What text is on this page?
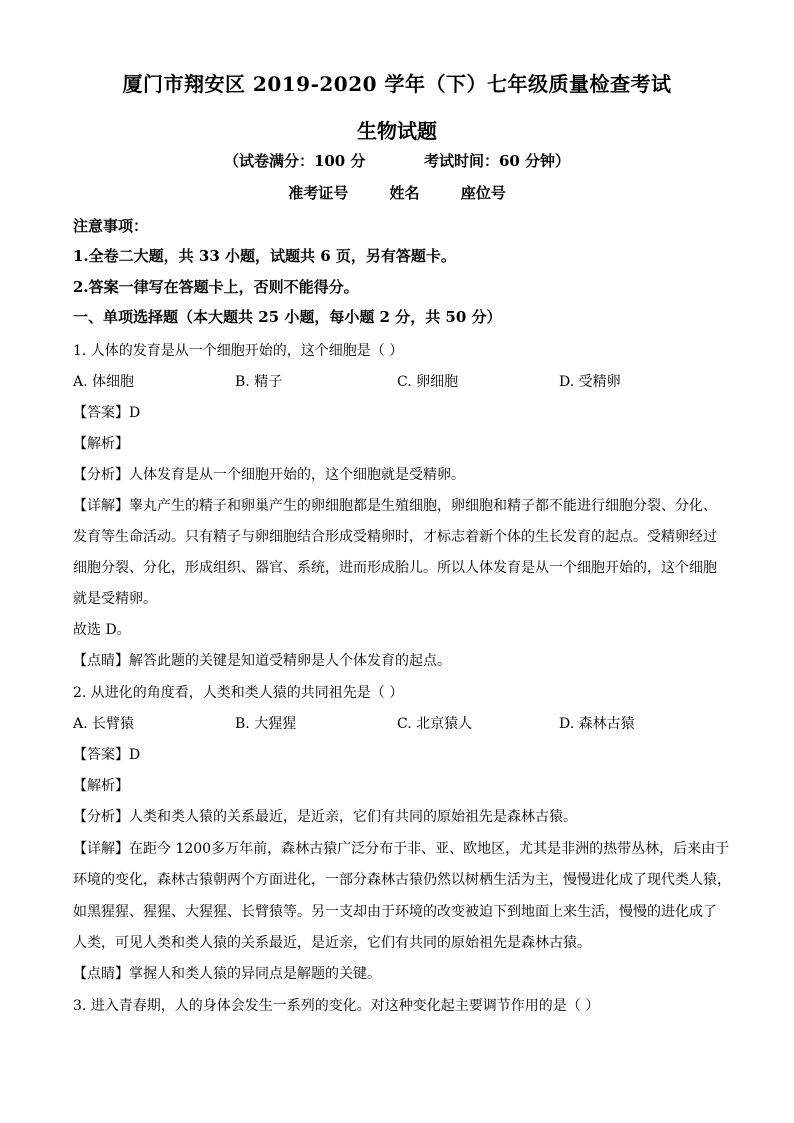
厦门市翔安区 2019-2020 学年（下）七年级质量检查考试
生物试题
（试卷满分：100 分	考试时间：60 分钟）
准考证号	姓名	座位号
注意事项：
1.全卷二大题，共 33 小题，试题共 6 页，另有答题卡。
2.答案一律写在答题卡上，否则不能得分。
一、单项选择题（本大题共 25 小题，每小题 2 分，共 50 分）
1. 人体的发育是从一个细胞开始的，这个细胞是（ ）
A. 体细胞	B. 精子	C. 卵细胞	D. 受精卵
【答案】D
【解析】
【分析】人体发育是从一个细胞开始的，这个细胞就是受精卵。
【详解】睾丸产生的精子和卵巢产生的卵细胞都是生殖细胞，卵细胞和精子都不能进行细胞分裂、分化、
发育等生命活动。只有精子与卵细胞结合形成受精卵时，才标志着新个体的生长发育的起点。受精卵经过
细胞分裂、分化，形成组织、器官、系统，进而形成胎儿。所以人体发育是从一个细胞开始的，这个细胞
就是受精卵。
故选 D。
【点睛】解答此题的关键是知道受精卵是人个体发育的起点。
2. 从进化的角度看，人类和类人猿的共同祖先是（ ）
A. 长臂猿	B. 大猩猩	C. 北京猿人	D. 森林古猿
【答案】D
【解析】
【分析】人类和类人猿的关系最近，是近亲，它们有共同的原始祖先是森林古猿。
【详解】在距今 1200多万年前，森林古猿广泛分布于非、亚、欧地区，尤其是非洲的热带丛林，后来由于
环境的变化，森林古猿朝两个方面进化，一部分森林古猿仍然以树栖生活为主，慢慢进化成了现代类人猿，
如黑猩猩、猩猩、大猩猩、长臂猿等。另一支却由于环境的改变被迫下到地面上来生活，慢慢的进化成了
人类，可见人类和类人猿的关系最近，是近亲，它们有共同的原始祖先是森林古猿。
【点睛】掌握人和类人猿的异同点是解题的关键。
3. 进入青春期，人的身体会发生一系列的变化。对这种变化起主要调节作用的是（ ）
